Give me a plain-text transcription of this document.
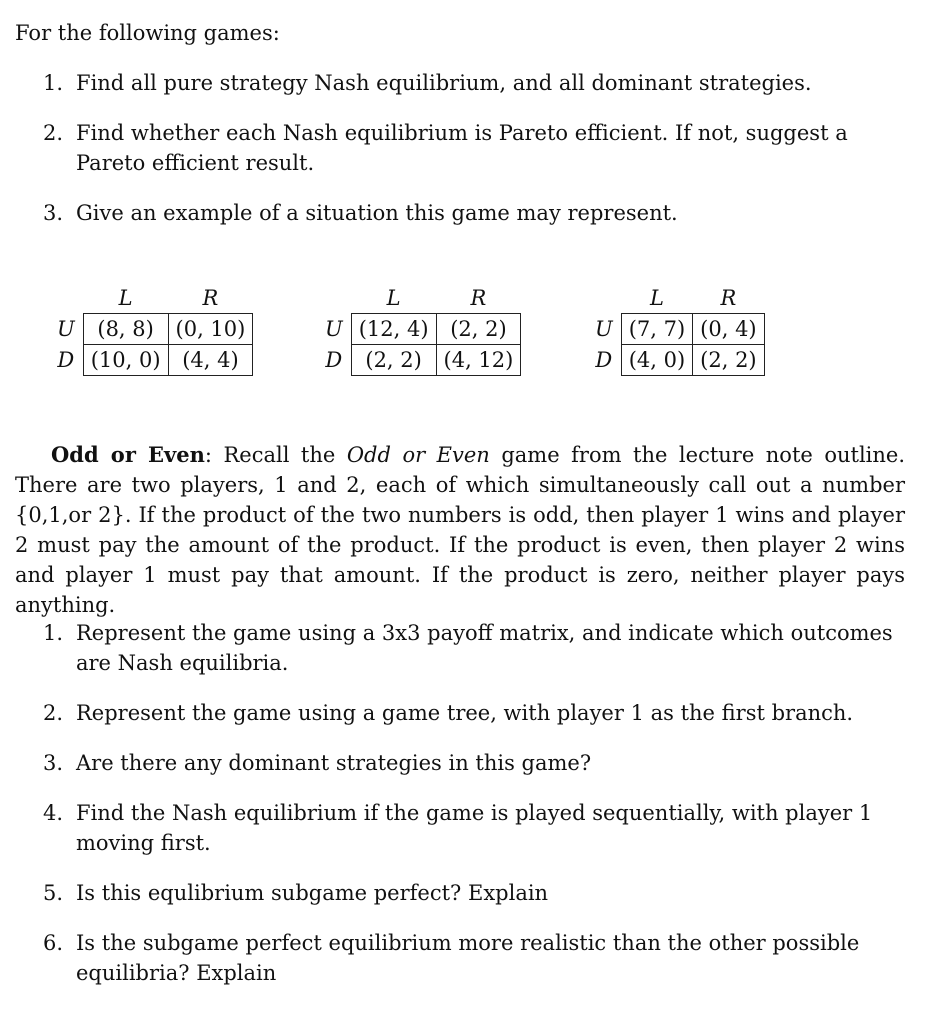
For the following games:
1. Find all pure strategy Nash equilibrium, and all dominant strategies.
2. Find whether each Nash equilibrium is Pareto efficient. If not, suggest a Pareto efficient result.
3. Give an example of a situation this game may represent.
	L	R
U	(8, 8)	(0, 10)
D	(10, 0)	(4, 4)
	L	R
U	(12, 4)	(2, 2)
D	(2, 2)	(4, 12)
	L	R
U	(7, 7)	(0, 4)
D	(4, 0)	(2, 2)
Odd or Even: Recall the Odd or Even game from the lecture note outline. There are two players, 1 and 2, each of which simultaneously call out a number {0,1,or 2}. If the product of the two numbers is odd, then player 1 wins and player 2 must pay the amount of the product. If the product is even, then player 2 wins and player 1 must pay that amount. If the product is zero, neither player pays anything.
1. Represent the game using a 3x3 payoff matrix, and indicate which outcomes are Nash equilibria.
2. Represent the game using a game tree, with player 1 as the first branch.
3. Are there any dominant strategies in this game?
4. Find the Nash equilibrium if the game is played sequentially, with player 1 moving first.
5. Is this equlibrium subgame perfect? Explain
6. Is the subgame perfect equilibrium more realistic than the other possible equilibria? Explain
